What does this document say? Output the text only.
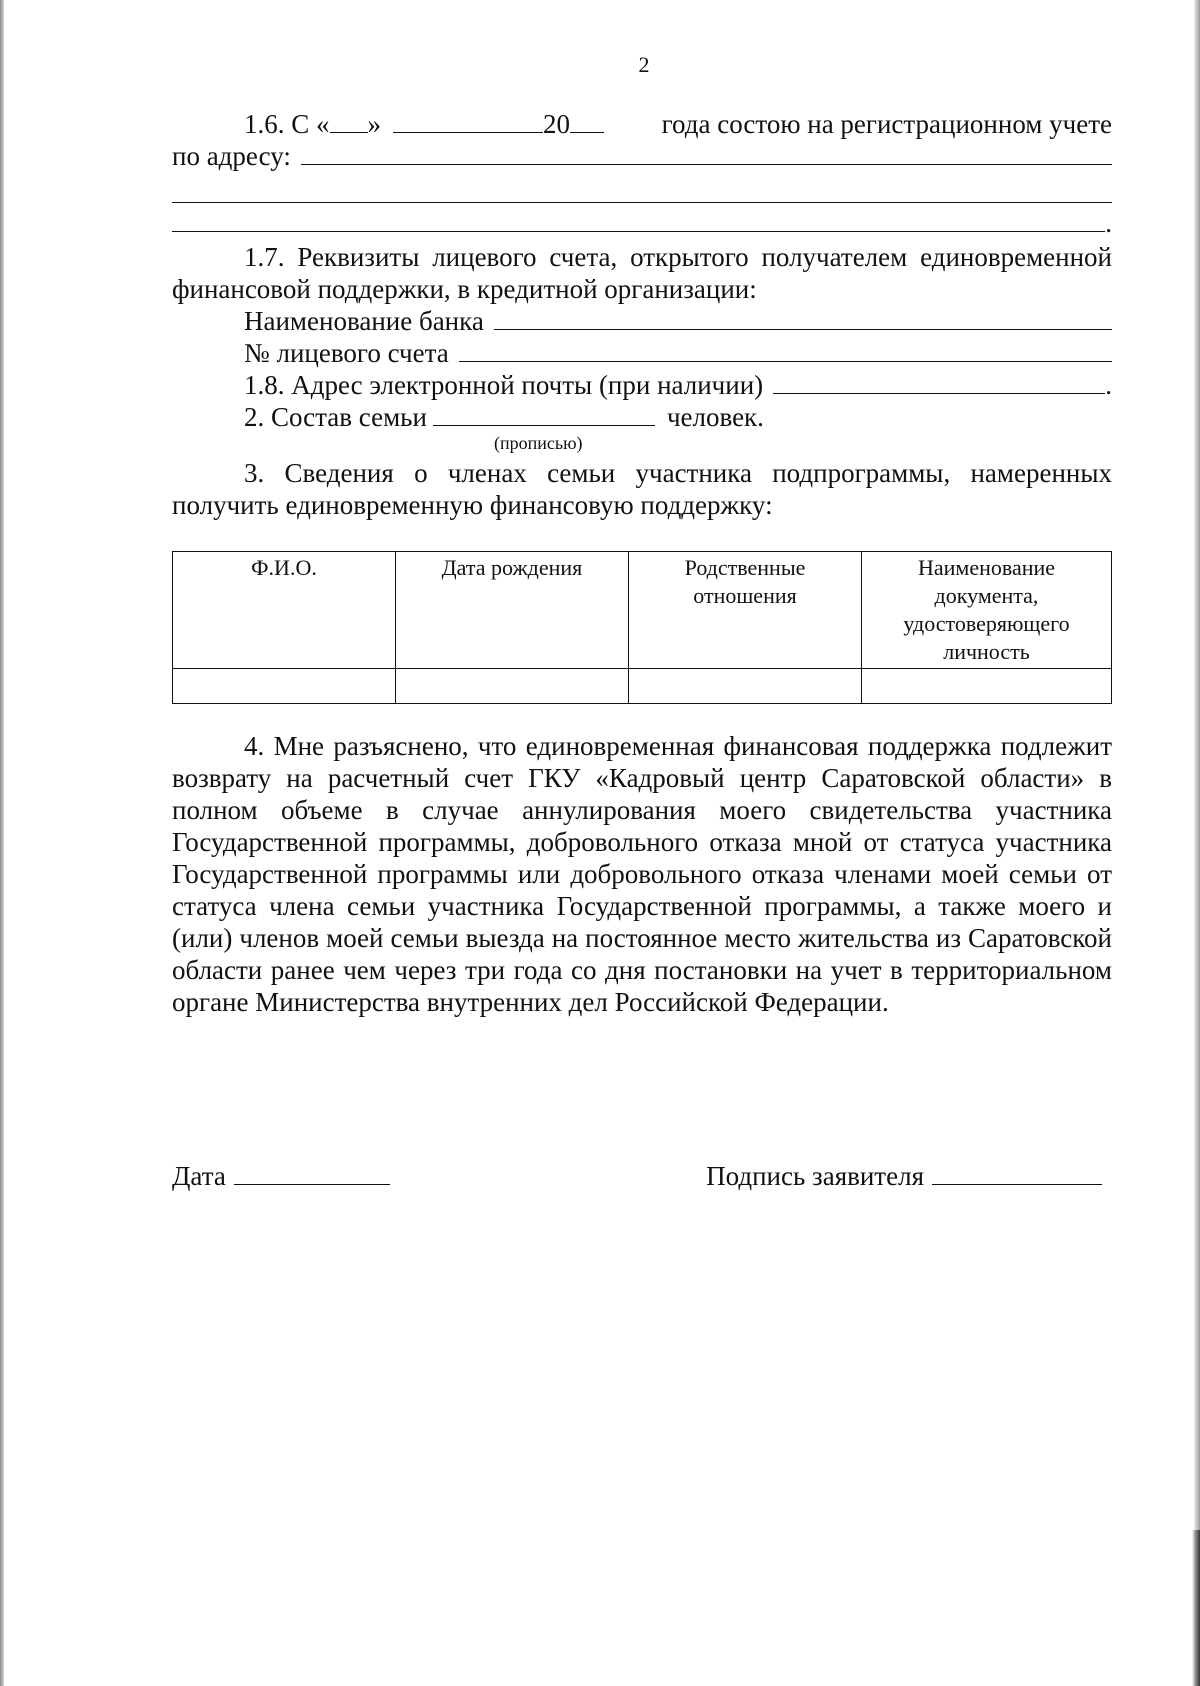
2
1.6. С « »	20	года состою на регистрационном учете
по адресу:
.

1.7. Реквизиты лицевого счета, открытого получателем единовременной финансовой поддержки, в кредитной организации:

Наименование банка
№ лицевого счета
1.8. Адрес электронной почты (при наличии)	.
2. Состав семьи	человек.
(прописью)

3. Сведения о членах семьи участника подпрограммы, намеренных получить единовременную финансовую поддержку:

Ф.И.О.	Дата рождения	Родственные отношения	Наименование документа, удостоверяющего личность

4. Мне разъяснено, что единовременная финансовая поддержка подлежит возврату на расчетный счет ГКУ «Кадровый центр Саратовской области» в полном объеме в случае аннулирования моего свидетельства участника Государственной программы, добровольного отказа мной от статуса участника Государственной программы или добровольного отказа членами моей семьи от статуса члена семьи участника Государственной программы, а также моего и (или) членов моей семьи выезда на постоянное место жительства из Саратовской области ранее чем через три года со дня постановки на учет в территориальном органе Министерства внутренних дел Российской Федерации.

Дата	Подпись заявителя
